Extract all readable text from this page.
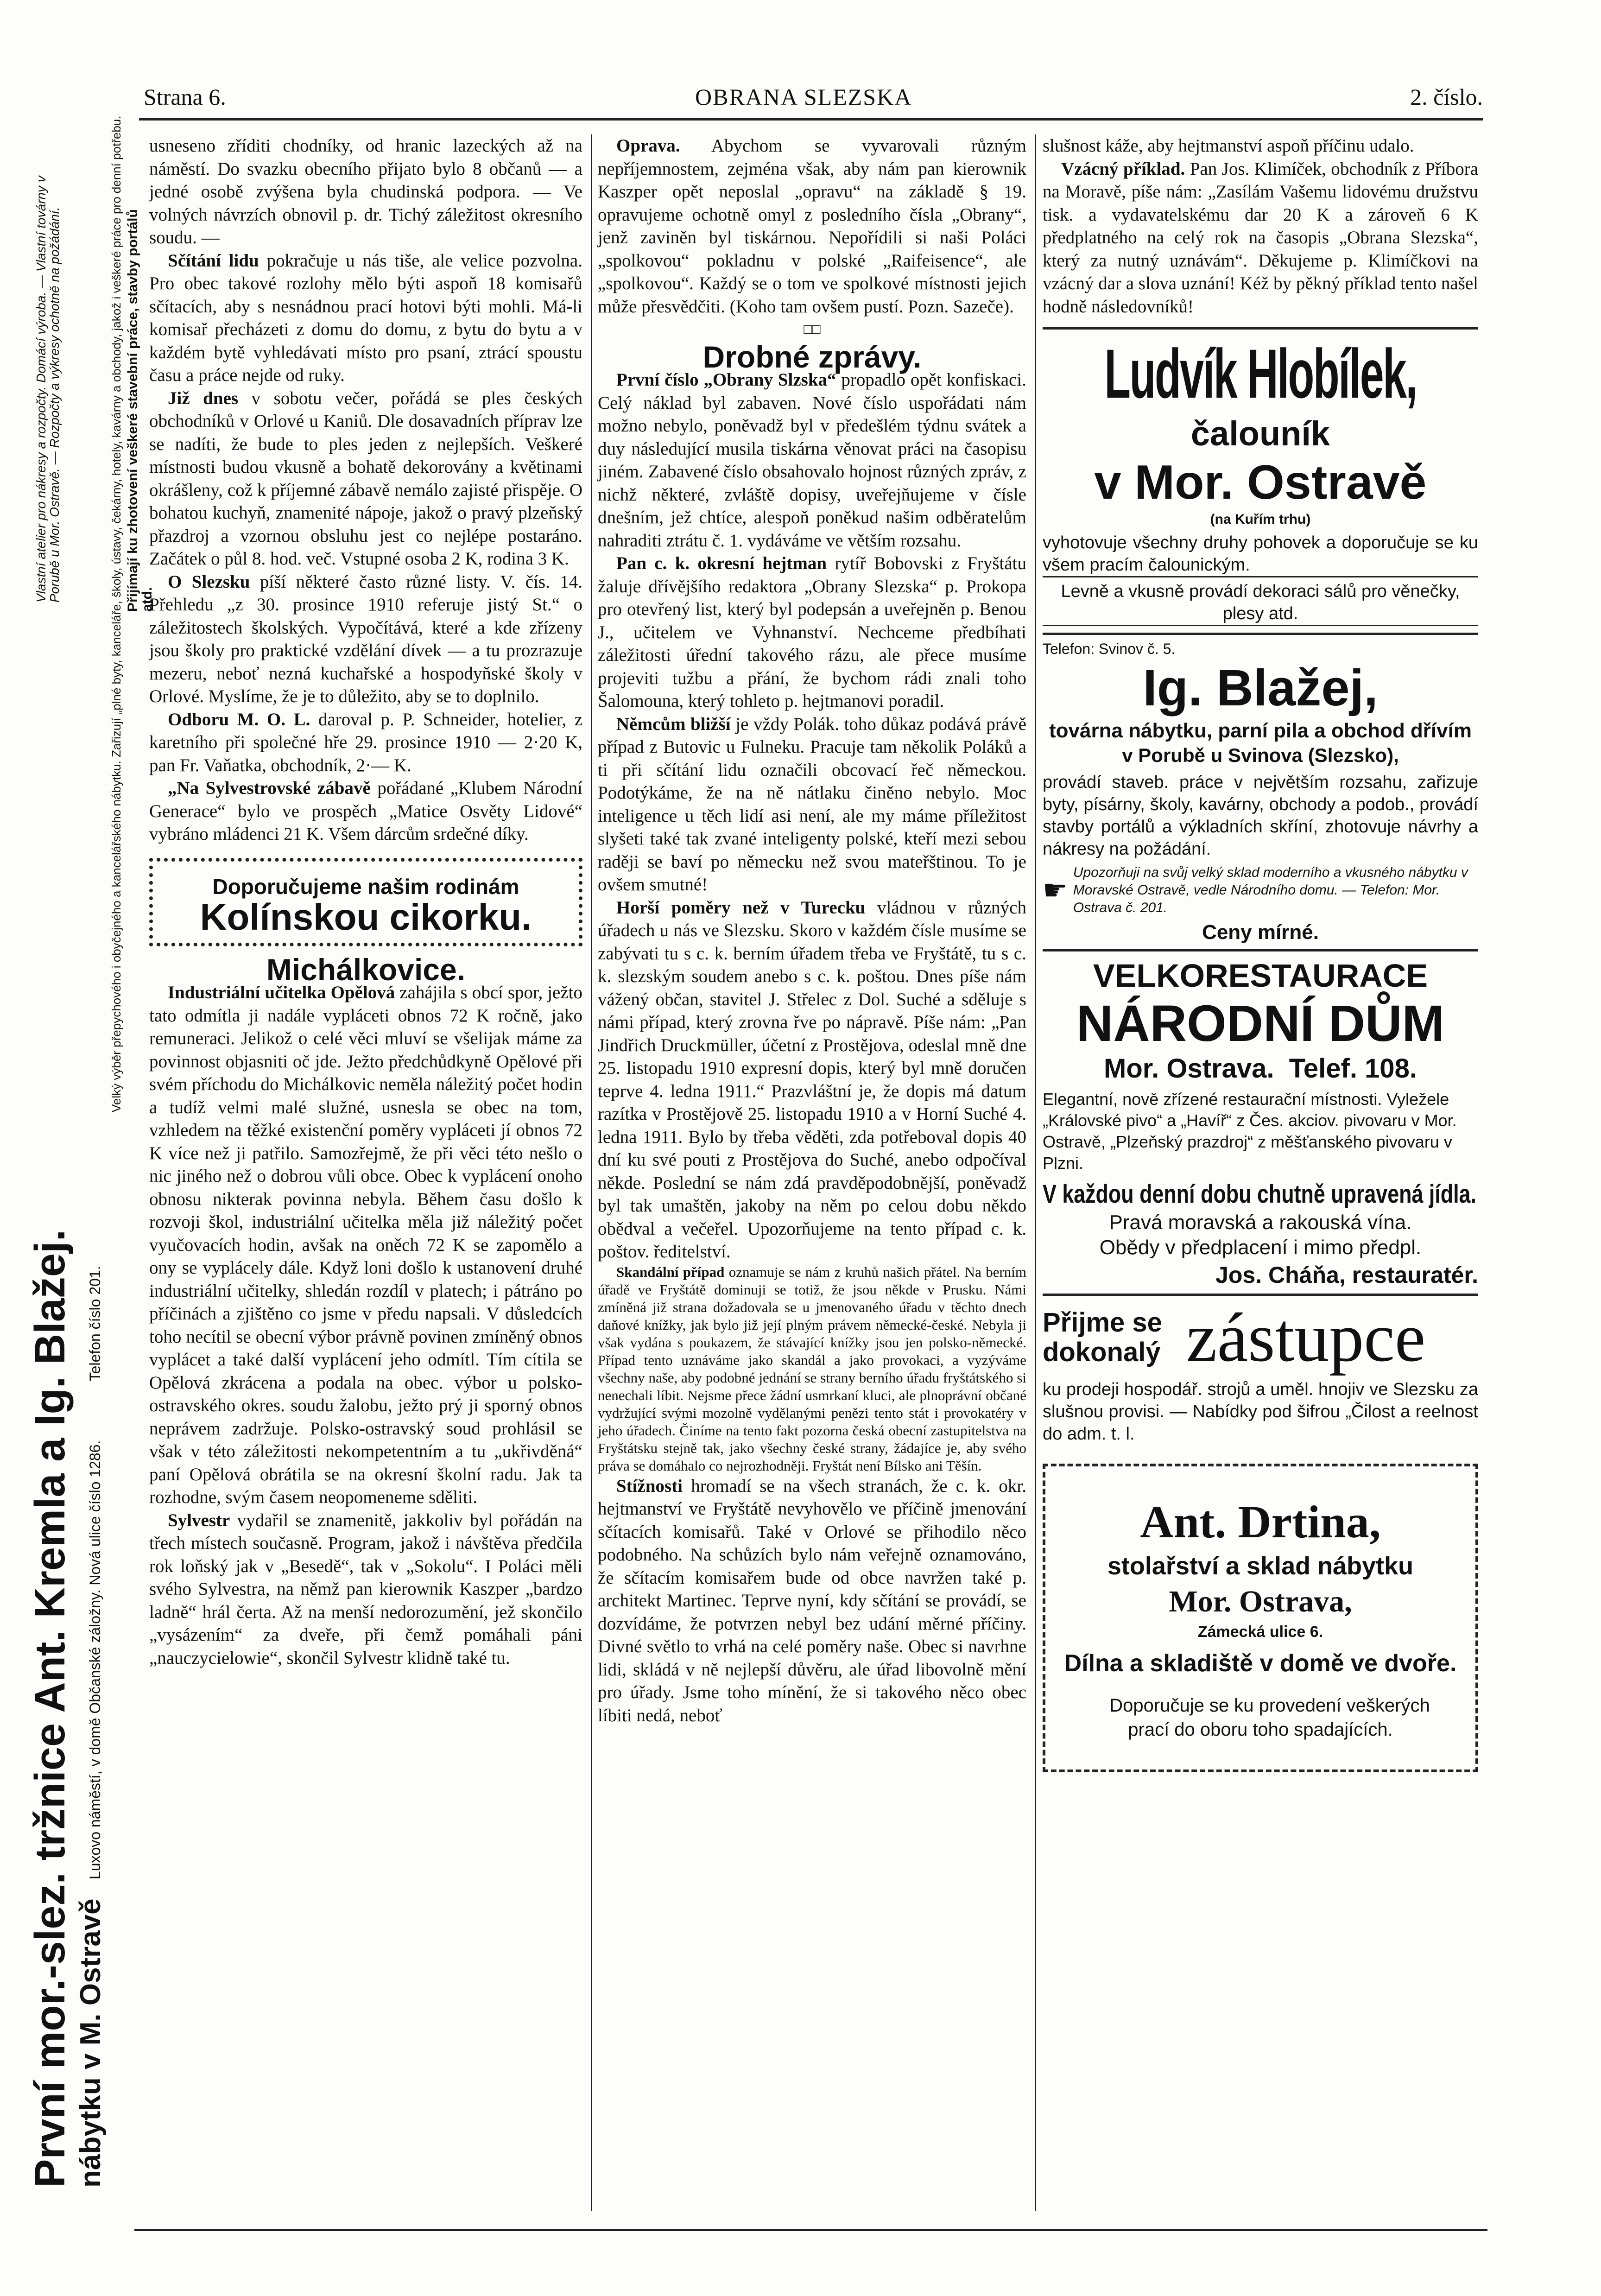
Strana 6.	OBRANA SLEZSKA	2. číslo.
První mor.-slez. tržnice Ant. Kremla a Ig. Blažej. nábytku v M. Ostravě Luxovo náměstí, v domě Občanské záložny. Nová ulice číslo 1286. Telefon číslo 201.
Velký výběr přepychového i obyčejného a kancelářského nábytku. Zařizují „plné byty, kanceláře, školy, ústavy, čekárny, hotely, kavárny a obchody, jakož i veškeré práce pro denní potřebu. Přijímají ku zhotovení veškeré stavební práce, stavby portálů atd.
Vlastní atelier pro nákresy a rozpočty. Domácí výroba. — Vlastní továrny v Porubě u Mor. Ostravě. — Rozpočty a výkresy ochotně na požádání.

usneseno zříditi chodníky, od hranic lazeckých až na náměstí. Do svazku obecního přijato bylo 8 občanů — a jedné osobě zvýšena byla chudinská podpora. — Ve volných návrzích obnovil p. dr. Tichý záležitost okresního soudu. —

Sčítání lidu pokračuje u nás tiše, ale velice pozvolna. Pro obec takové rozlohy mělo býti aspoň 18 komisařů sčítacích, aby s nesnádnou prací hotovi býti mohli. Má-li komisař přecházeti z domu do domu, z bytu do bytu a v každém bytě vyhledávati místo pro psaní, ztrácí spoustu času a práce nejde od ruky.

Již dnes v sobotu večer, pořádá se ples českých obchodníků v Orlové u Kaniů. Dle dosavadních příprav lze se nadíti, že bude to ples jeden z nejlepších. Veškeré místnosti budou vkusně a bohatě dekorovány a květinami okrášleny, což k příjemné zábavě nemálo zajisté přispěje. O bohatou kuchyň, znamenité nápoje, jakož o pravý plzeňský přazdroj a vzornou obsluhu jest co nejlépe postaráno. Začátek o půl 8. hod. več. Vstupné osoba 2 K, rodina 3 K.

O Slezsku píší některé často různé listy. V. čís. 14. Přehledu „z 30. prosince 1910 referuje jistý St.“ o záležitostech školských. Vypočítává, které a kde zřízeny jsou školy pro praktické vzdělání dívek — a tu prozrazuje mezeru, neboť nezná kuchařské a hospodyňské školy v Orlové. Myslíme, že je to důležito, aby se to doplnilo.

Odboru M. O. L. daroval p. P. Schneider, hotelier, z karetního při společné hře 29. prosince 1910 — 2·20 K, pan Fr. Vaňatka, obchodník, 2·— K.

„Na Sylvestrovské zábavě pořádané „Klubem Národní Generace“ bylo ve prospěch „Matice Osvěty Lidové“ vybráno mládenci 21 K. Všem dárcům srdečné díky.

Doporučujeme našim rodinám
Kolínskou cikorku.

Michálkovice.

Industriální učitelka Opělová zahájila s obcí spor, ježto tato odmítla ji nadále vypláceti obnos 72 K ročně, jako remuneraci. Jelikož o celé věci mluví se všelijak máme za povinnost objasniti oč jde. Ježto předchůdkyně Opělové při svém příchodu do Michálkovic neměla náležitý počet hodin a tudíž velmi malé služné, usnesla se obec na tom, vzhledem na těžké existenční poměry vypláceti jí obnos 72 K více než ji patřilo. Samozřejmě, že při věci této nešlo o nic jiného než o dobrou vůli obce. Obec k vyplácení onoho obnosu nikterak povinna nebyla. Během času došlo k rozvoji škol, industriální učitelka měla již náležitý počet vyučovacích hodin, avšak na oněch 72 K se zapomělo a ony se vyplácely dále. Když loni došlo k ustanovení druhé industriální učitelky, shledán rozdíl v platech; i pátráno po příčinách a zjištěno co jsme v předu napsali. V důsledcích toho necítil se obecní výbor právně povinen zmíněný obnos vyplácet a také další vyplácení jeho odmítl. Tím cítila se Opělová zkrácena a podala na obec. výbor u polsko-ostravského okres. soudu žalobu, ježto prý ji sporný obnos neprávem zadržuje. Polsko-ostravský soud prohlásil se však v této záležitosti nekompetentním a tu „ukřivděná“ paní Opělová obrátila se na okresní školní radu. Jak ta rozhodne, svým časem neopomeneme sděliti.

Sylvestr vydařil se znamenitě, jakkoliv byl pořádán na třech místech současně. Program, jakož i návštěva předčila rok loňský jak v „Besedě“, tak v „Sokolu“. I Poláci měli svého Sylvestra, na němž pan kierownik Kaszper „bardzo ladně“ hrál čerta. Až na menší nedorozumění, jež skončilo „vysázením“ za dveře, při čemž pomáhali páni „nauczycielowie“, skončil Sylvestr klidně také tu.

Oprava. Abychom se vyvarovali různým nepříjemnostem, zejména však, aby nám pan kierownik Kaszper opět neposlal „opravu“ na základě § 19. opravujeme ochotně omyl z posledního čísla „Obrany“, jenž zaviněn byl tiskárnou. Nepořídili si naši Poláci „spolkovou“ pokladnu v polské „Raifeisence“, ale „spolkovou“. Každý se o tom ve spolkové místnosti jejich může přesvědčiti. (Koho tam ovšem pustí. Pozn. Sazeče).

□□

Drobné zprávy.

První číslo „Obrany Slzska“ propadlo opět konfiskaci. Celý náklad byl zabaven. Nové číslo uspořádati nám možno nebylo, poněvadž byl v předešlém týdnu svátek a duy následující musila tiskárna věnovat práci na časopisu jiném. Zabavené číslo obsahovalo hojnost různých zpráv, z nichž některé, zvláště dopisy, uveřejňujeme v čísle dnešním, jež chtíce, alespoň poněkud našim odběratelům nahraditi ztrátu č. 1. vydáváme ve větším rozsahu.

Pan c. k. okresní hejtman rytíř Bobovski z Fryštátu žaluje dřívějšího redaktora „Obrany Slezska“ p. Prokopa pro otevřený list, který byl podepsán a uveřejněn p. Benou J., učitelem ve Vyhnanství. Nechceme předbíhati záležitosti úřední takového rázu, ale přece musíme projeviti tužbu a přání, že bychom rádi znali toho Šalomouna, který tohleto p. hejtmanovi poradil.

Němcům bližší je vždy Polák. toho důkaz podává právě případ z Butovic u Fulneku. Pracuje tam několik Poláků a ti při sčítání lidu označili obcovací řeč německou. Podotýkáme, že na ně nátlaku činěno nebylo. Moc inteligence u těch lidí asi není, ale my máme příležitost slyšeti také tak zvané inteligenty polské, kteří mezi sebou raději se baví po německu než svou mateřštinou. To je ovšem smutné!

Horší poměry než v Turecku vládnou v různých úřadech u nás ve Slezsku. Skoro v každém čísle musíme se zabývati tu s c. k. berním úřadem třeba ve Fryštátě, tu s c. k. slezským soudem anebo s c. k. poštou. Dnes píše nám vážený občan, stavitel J. Střelec z Dol. Suché a sděluje s námi případ, který zrovna řve po nápravě. Píše nám: „Pan Jindřich Druckmüller, účetní z Prostějova, odeslal mně dne 25. listopadu 1910 expresní dopis, který byl mně doručen teprve 4. ledna 1911.“ Prazvláštní je, že dopis má datum razítka v Prostějově 25. listopadu 1910 a v Horní Suché 4. ledna 1911. Bylo by třeba věděti, zda potřeboval dopis 40 dní ku své pouti z Prostějova do Suché, anebo odpočíval někde. Poslední se nám zdá pravděpodobnější, poněvadž byl tak umaštěn, jakoby na něm po celou dobu někdo obědval a večeřel. Upozorňujeme na tento případ c. k. poštov. ředitelství.

Skandální případ oznamuje se nám z kruhů našich přátel. Na berním úřadě ve Fryštátě dominuji se totiž, že jsou někde v Prusku. Námi zmíněná již strana dožadovala se u jmenovaného úřadu v těchto dnech daňové knížky, jak bylo již její plným právem německé-české. Nebyla ji však vydána s poukazem, že stávající knížky jsou jen polsko-německé. Případ tento uznáváme jako skandál a jako provokaci, a vyzýváme všechny naše, aby podobné jednání se strany berního úřadu fryštátského si nenechali líbit. Nejsme přece žádní usmrkaní kluci, ale plnoprávní občané vydržující svými mozolně vydělanými penězi tento stát i provokatéry v jeho úřadech. Činíme na tento fakt pozorna česká obecní zastupitelstva na Fryštátsku stejně tak, jako všechny české strany, žádajíce je, aby svého práva se domáhalo co nejrozhodněji. Fryštát není Bílsko ani Těšín.

Stížnosti hromadí se na všech stranách, že c. k. okr. hejtmanství ve Fryštátě nevyhovělo ve příčině jmenování sčítacích komisařů. Také v Orlové se přihodilo něco podobného. Na schůzích bylo nám veřejně oznamováno, že sčítacím komisařem bude od obce navržen také p. architekt Martinec. Teprve nyní, kdy sčítání se provádí, se dozvídáme, že potvrzen nebyl bez udání měrné příčiny. Divné světlo to vrhá na celé poměry naše. Obec si navrhne lidi, skládá v ně nejlepší důvěru, ale úřad libovolně mění pro úřady. Jsme toho mínění, že si takového něco obec líbiti nedá, neboť

slušnost káže, aby hejtmanství aspoň příčinu udalo.

Vzácný příklad. Pan Jos. Klimíček, obchodník z Příbora na Moravě, píše nám: „Zasílám Vašemu lidovému družstvu tisk. a vydavatelskému dar 20 K a zároveň 6 K předplatného na celý rok na časopis „Obrana Slezska“, který za nutný uznávám“. Děkujeme p. Klimíčkovi na vzácný dar a slova uznání! Kéž by pěkný příklad tento našel hodně následovníků!

Ludvík Hlobílek,
čalouník
v Mor. Ostravě
(na Kuřím trhu)

vyhotovuje všechny druhy pohovek a doporučuje se ku všem pracím čalounickým.

Levně a vkusně provádí dekoraci sálů pro věnečky, plesy atd.

Telefon: Svinov č. 5.
Ig. Blažej,
továrna nábytku, parní pila a obchod dřívím
v Porubě u Svinova (Slezsko),

provádí staveb. práce v největším rozsahu, zařizuje byty, písárny, školy, kavárny, obchody a podob., provádí stavby portálů a výkladních skříní, zhotovuje návrhy a nákresy na požádání.

☛
Upozorňuji na svůj velký sklad moderního a vkusného nábytku v Moravské Ostravě, vedle Národního domu. — Telefon: Mor. Ostrava č. 201.
Ceny mírné.
VELKORESTAURACE
NÁRODNÍ DŮM
Mor. Ostrava.  Telef. 108.

Elegantní, nově zřízené restaurační místnosti. Vyležele „Královské pivo“ a „Havíř“ z Čes. akciov. pivovaru v Mor. Ostravě, „Plzeňský prazdroj“ z měšťanského pivovaru v Plzni.

V každou denní dobu chutně upravená jídla.
Pravá moravská a rakouská vína.
Obědy v předplacení i mimo předpl.
Jos. Cháňa, restauratér.
Přijme se dokonalý zástupce

ku prodeji hospodář. strojů a uměl. hnojiv ve Slezsku za slušnou provisi. — Nabídky pod šifrou „Čilost a reelnost do adm. t. l.

Ant. Drtina,
stolařství a sklad nábytku
Mor. Ostrava,
Zámecká ulice 6.
Dílna a skladiště v domě ve dvoře.

Doporučuje se ku provedení veškerých prací do oboru toho spadajících.
